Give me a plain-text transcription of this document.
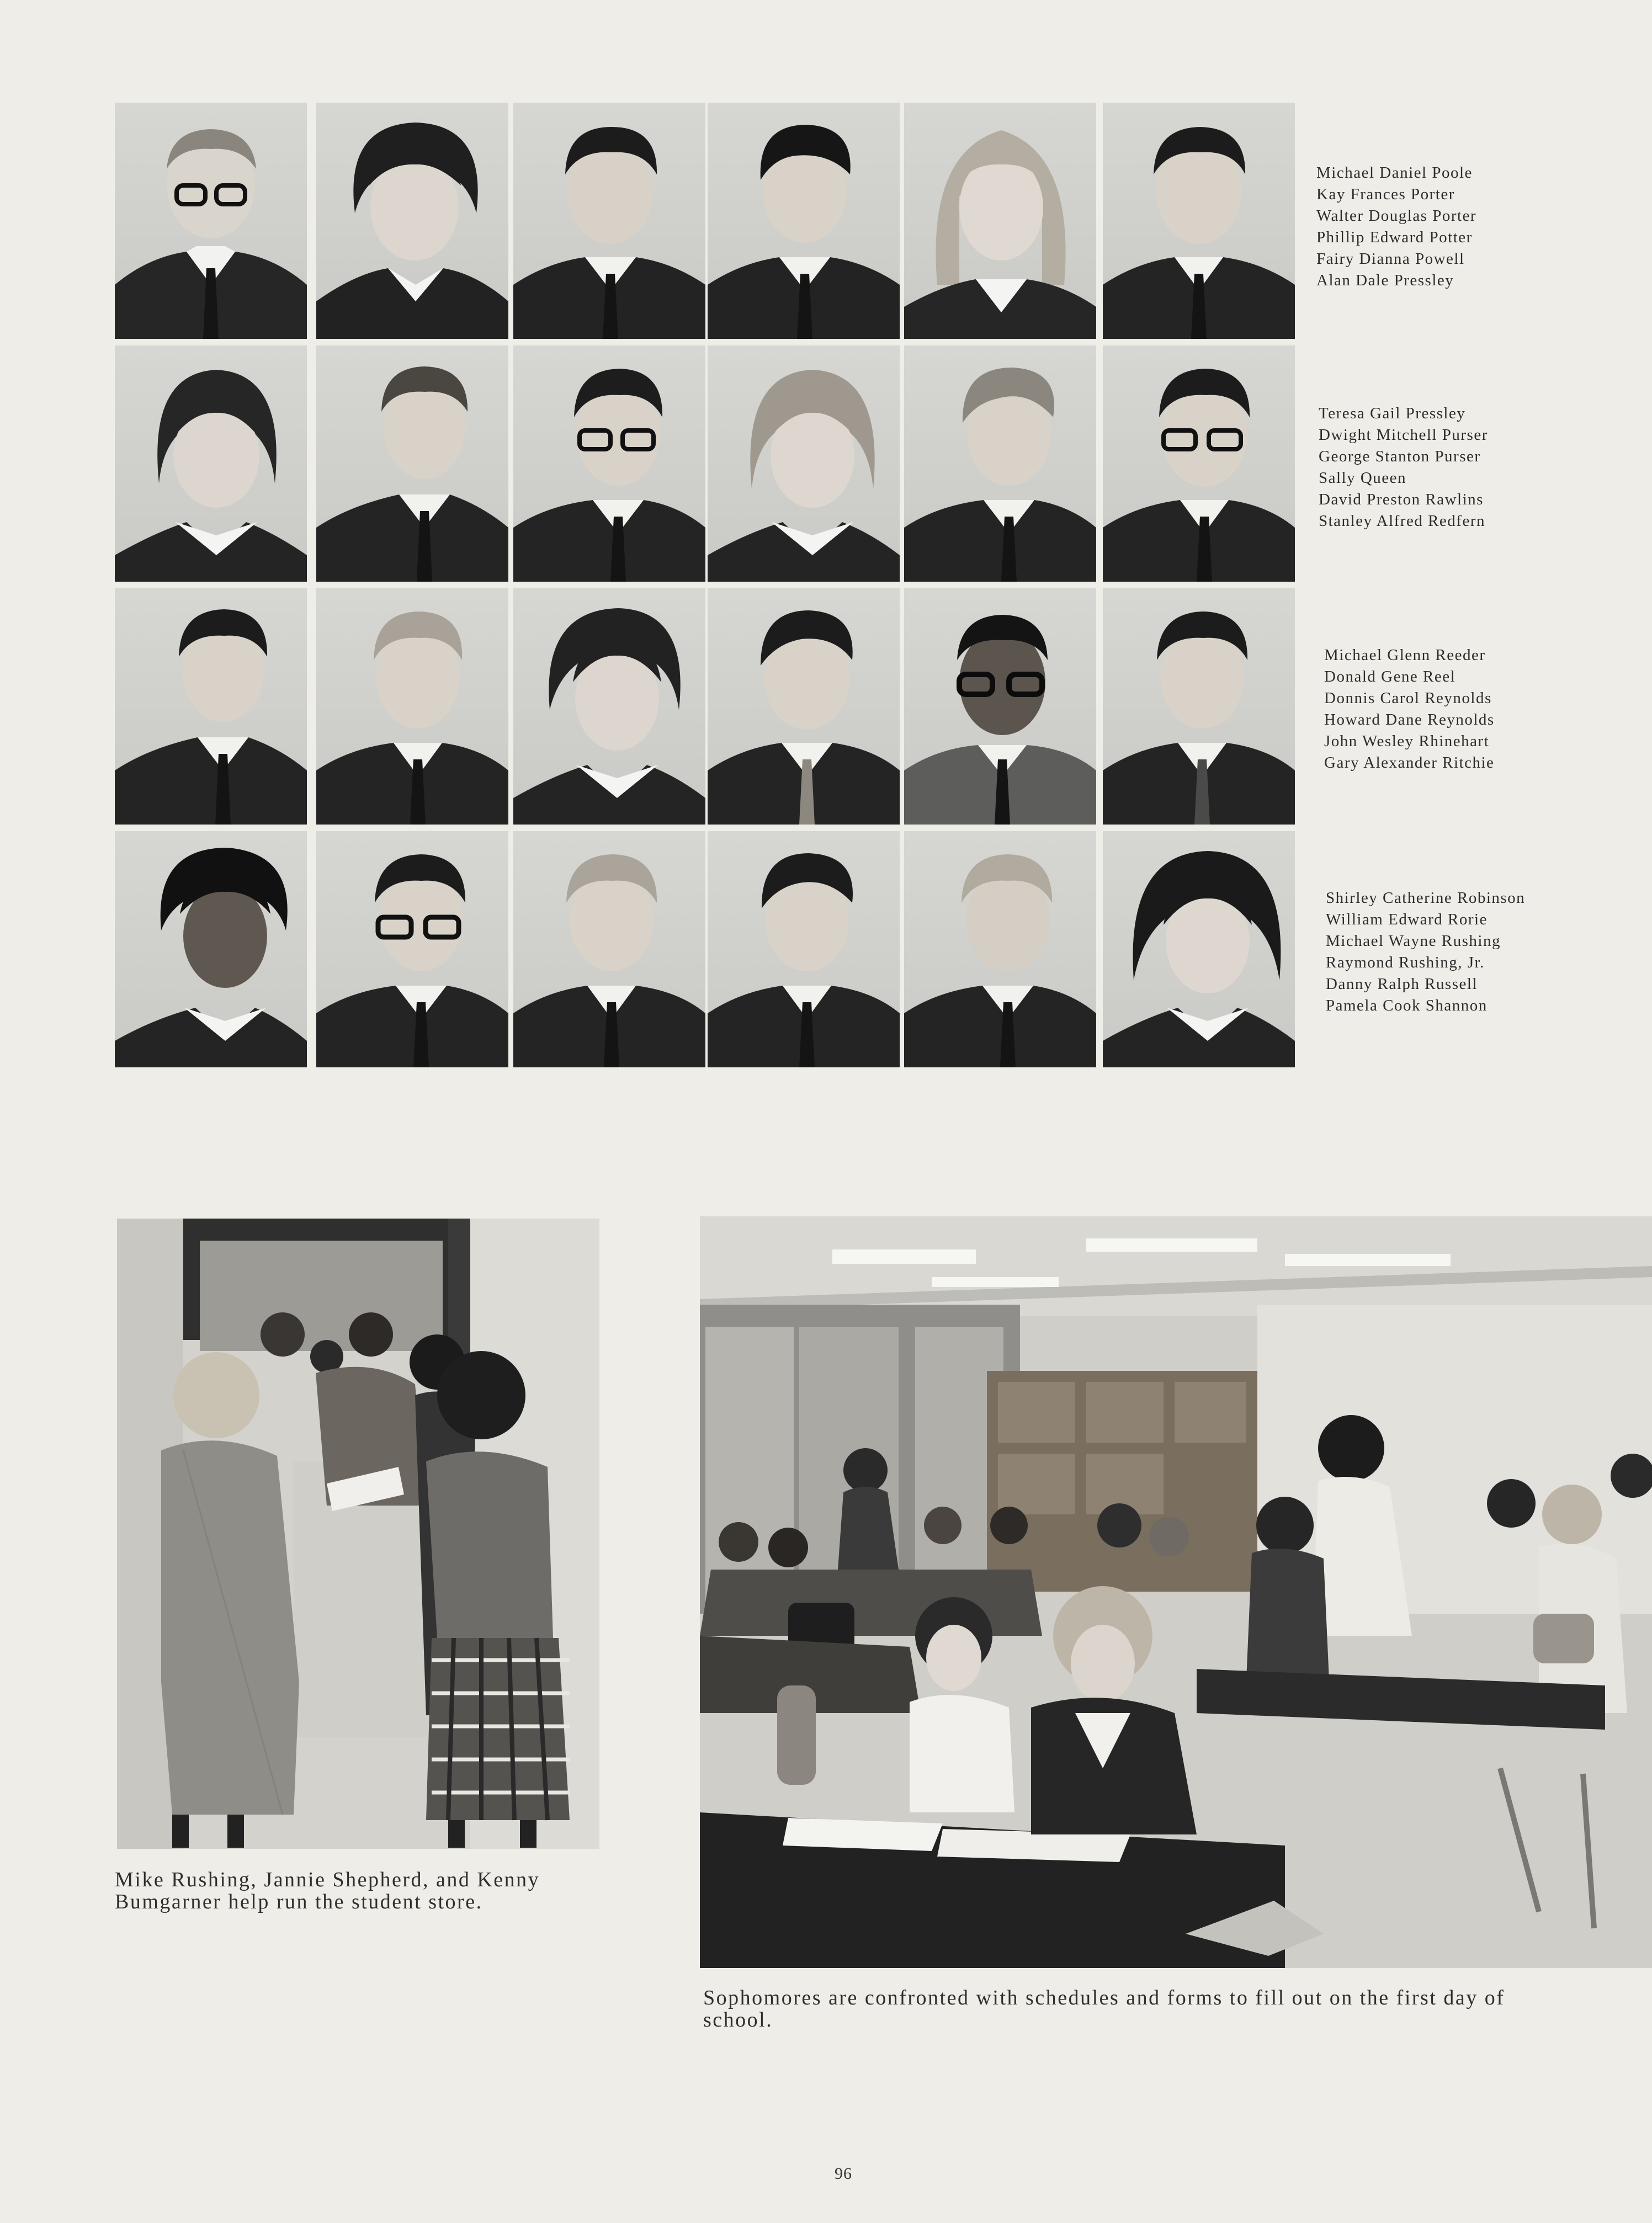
Michael Daniel Poole
Kay Frances Porter
Walter Douglas Porter
Phillip Edward Potter
Fairy Dianna Powell
Alan Dale Pressley
Teresa Gail Pressley
Dwight Mitchell Purser
George Stanton Purser
Sally Queen
David Preston Rawlins
Stanley Alfred Redfern
Michael Glenn Reeder
Donald Gene Reel
Donnis Carol Reynolds
Howard Dane Reynolds
John Wesley Rhinehart
Gary Alexander Ritchie
Shirley Catherine Robinson
William Edward Rorie
Michael Wayne Rushing
Raymond Rushing, Jr.
Danny Ralph Russell
Pamela Cook Shannon
Mike Rushing, Jannie Shepherd, and Kenny Bumgarner help run the student store.
Sophomores are confronted with schedules and forms to fill out on the first day of school.
96
